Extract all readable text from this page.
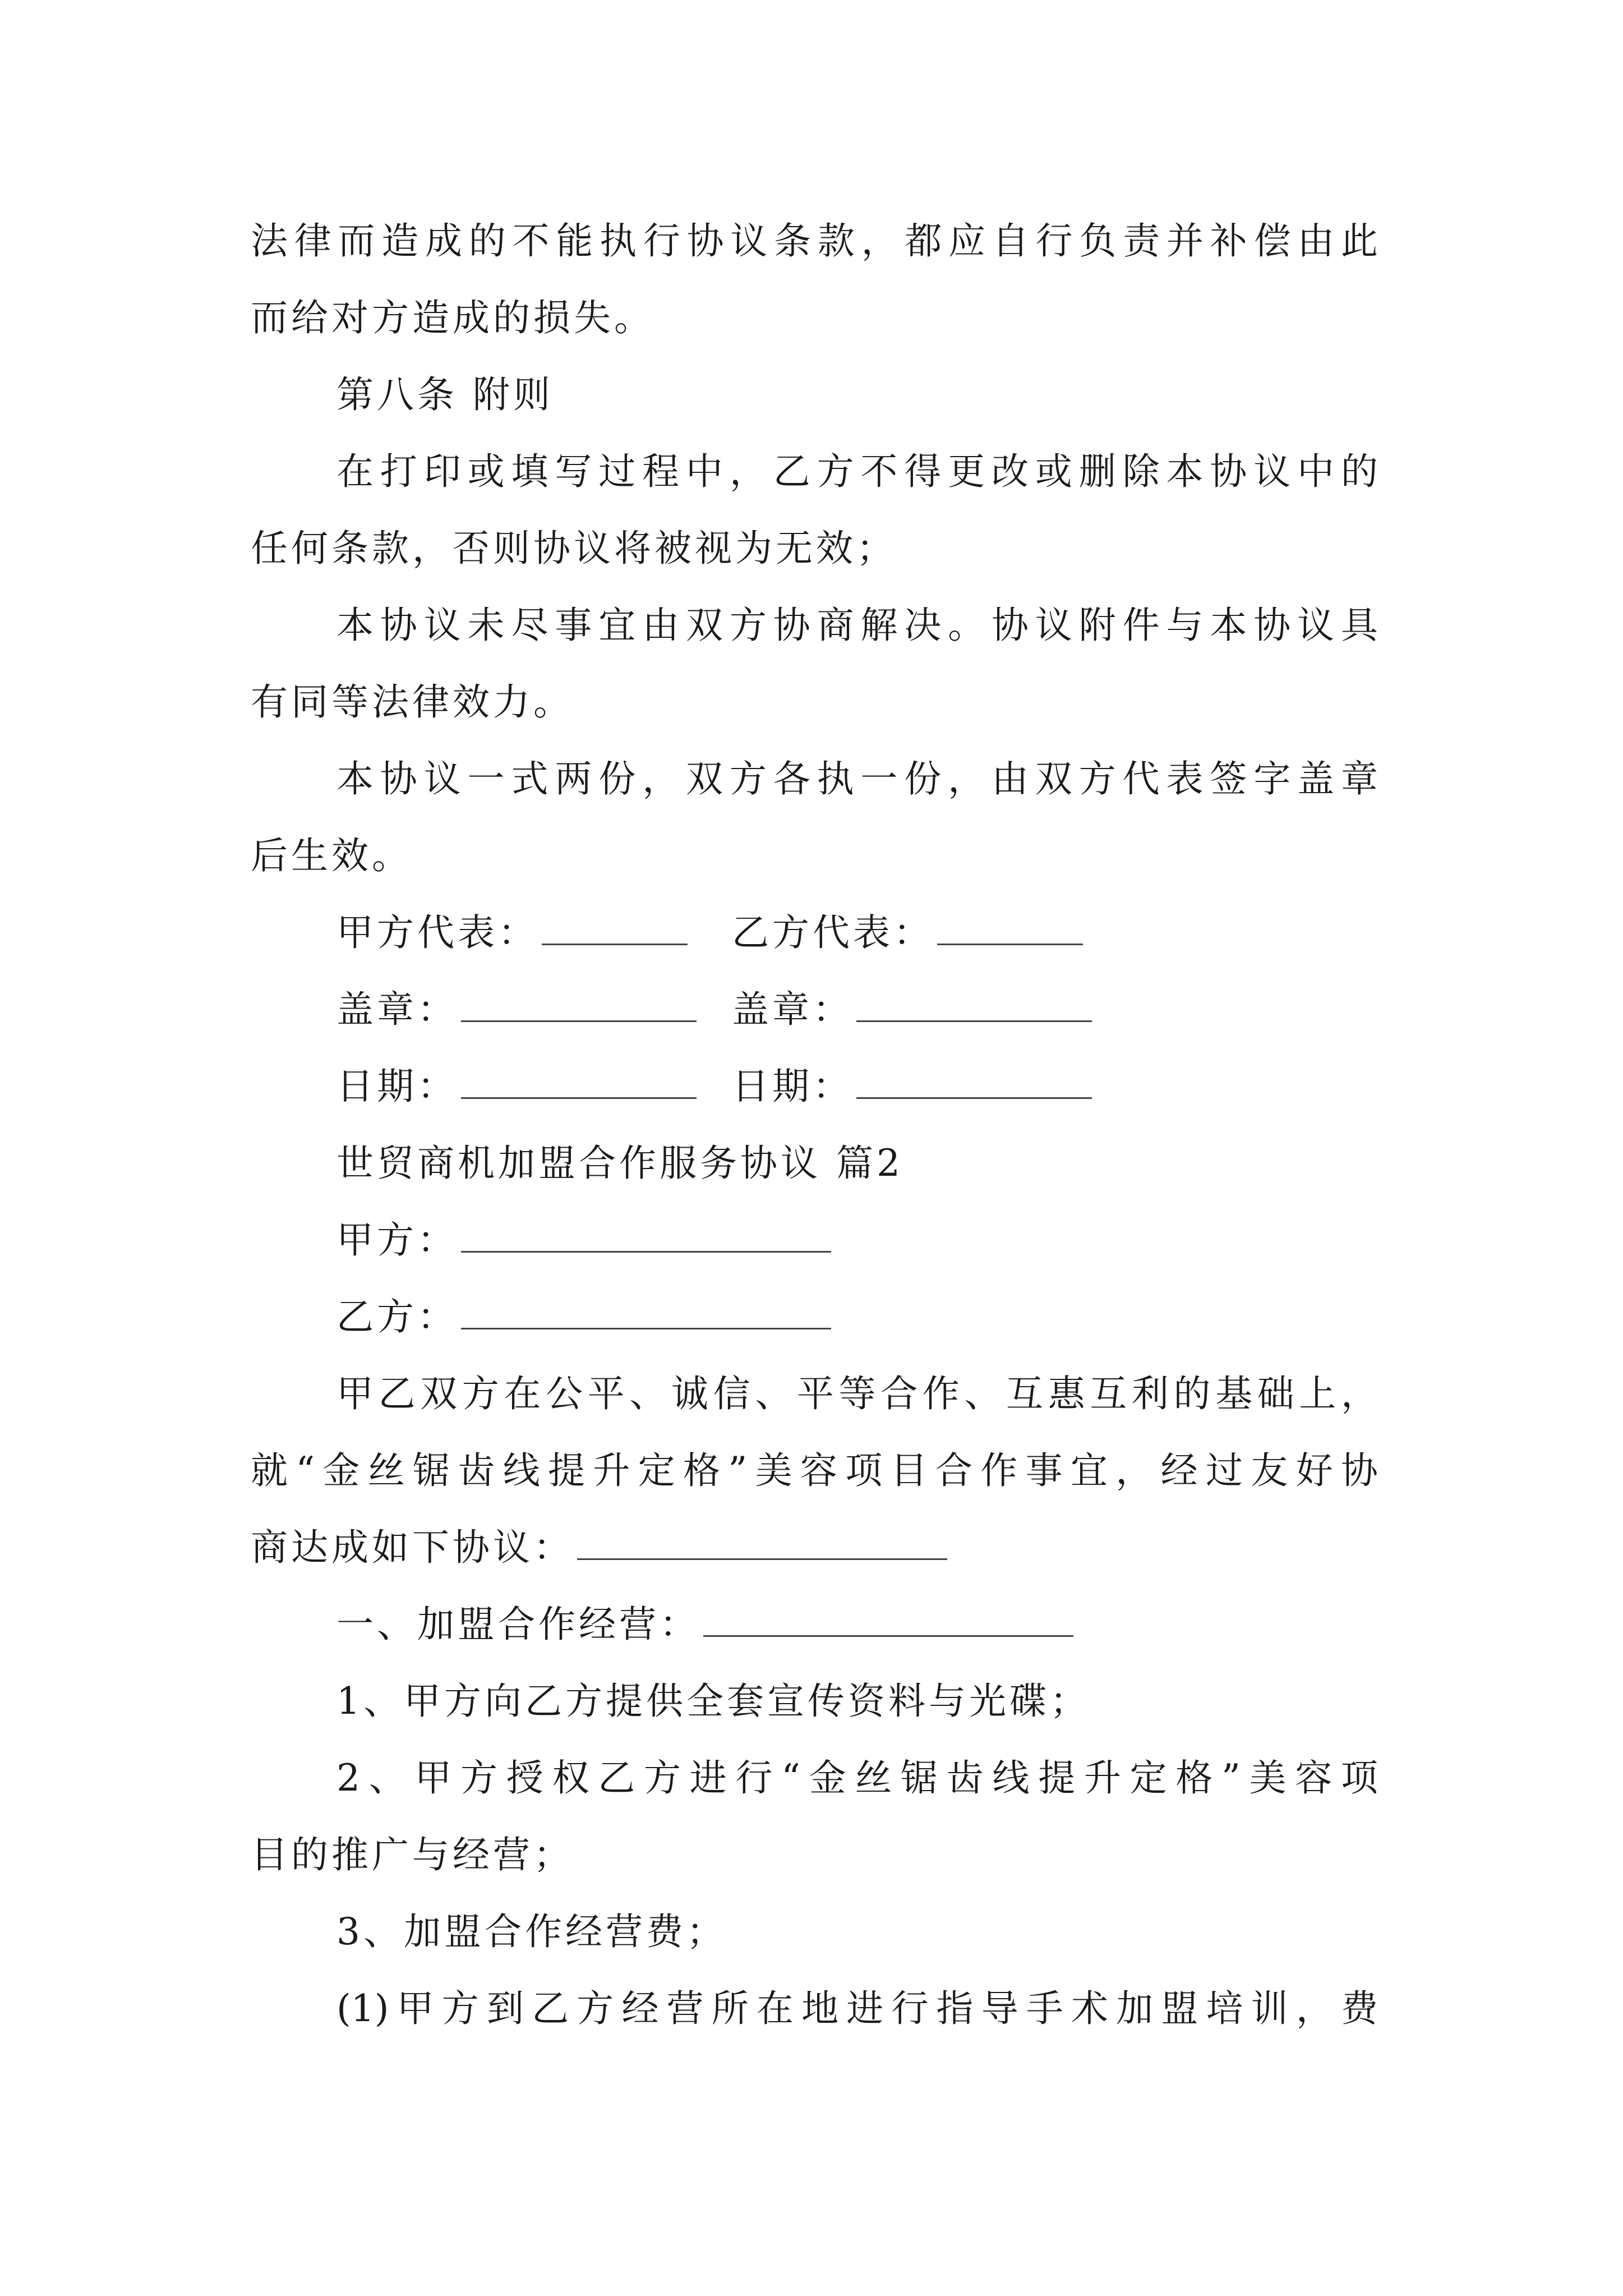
法律而造成的不能执行协议条款，都应自行负责并补偿由此
而给对方造成的损失。
第八条 附则
在打印或填写过程中，乙方不得更改或删除本协议中的
任何条款，否则协议将被视为无效；
本协议未尽事宜由双方协商解决。协议附件与本协议具
有同等法律效力。
本协议一式两份，双方各执一份，由双方代表签字盖章
后生效。
甲方代表：	乙方代表：
盖章：	盖章：
日期：	日期：
世贸商机加盟合作服务协议 篇2
甲方：
乙方：
甲乙双方在公平、诚信、平等合作、互惠互利的基础上，
就“金丝锯齿线提升定格”美容项目合作事宜，经过友好协
商达成如下协议：
一、加盟合作经营：
1、甲方向乙方提供全套宣传资料与光碟；
2、甲方授权乙方进行“金丝锯齿线提升定格”美容项
目的推广与经营；
3、加盟合作经营费；
(1)甲方到乙方经营所在地进行指导手术加盟培训，费
